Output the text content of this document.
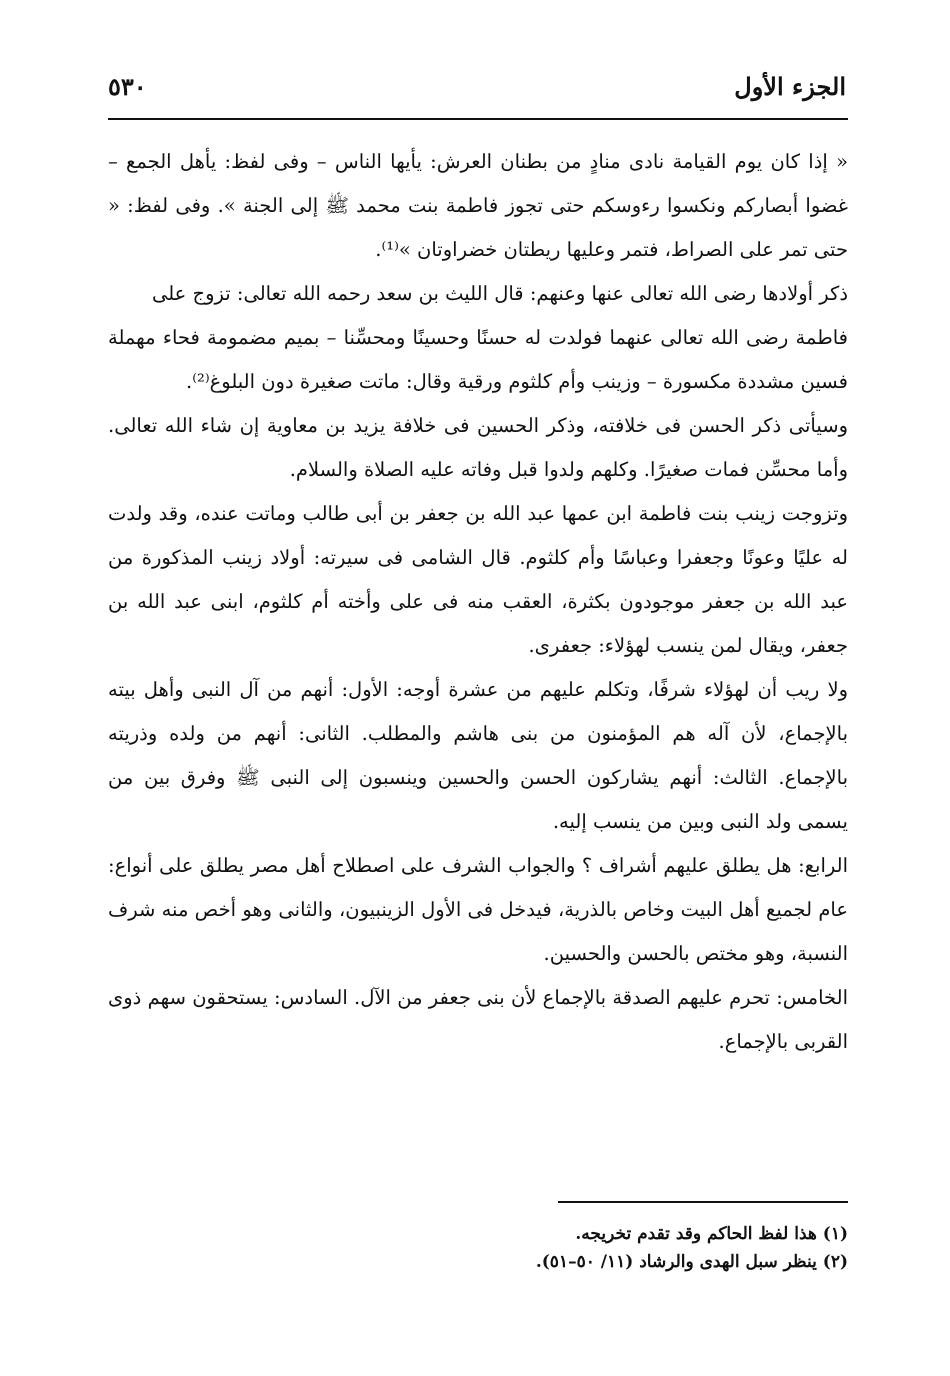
الجزء الأول
٥٣٠

« إذا كان يوم القيامة نادى منادٍ من بطنان العرش: يأيها الناس – وفى لفظ: يأهل الجمع – غضوا أبصاركم ونكسوا رءوسكم حتى تجوز فاطمة بنت محمد ﷺ إلى الجنة ». وفى لفظ: « حتى تمر على الصراط، فتمر وعليها ريطتان خضراوتان »⁽¹⁾.

ذكر أولادها رضى الله تعالى عنها وعنهم: قال الليث بن سعد رحمه الله تعالى: تزوج على

فاطمة رضى الله تعالى عنهما فولدت له حسنًا وحسينًا ومحسِّنا – بميم مضمومة فحاء مهملة فسين مشددة مكسورة – وزينب وأم كلثوم ورقية وقال: ماتت صغيرة دون البلوغ⁽²⁾.

وسيأتى ذكر الحسن فى خلافته، وذكر الحسين فى خلافة يزيد بن معاوية إن شاء الله تعالى. وأما محسِّن فمات صغيرًا. وكلهم ولدوا قبل وفاته عليه الصلاة والسلام.

وتزوجت زينب بنت فاطمة ابن عمها عبد الله بن جعفر بن أبى طالب وماتت عنده، وقد ولدت له عليًا وعونًا وجعفرا وعباسًا وأم كلثوم. قال الشامى فى سيرته: أولاد زينب المذكورة من عبد الله بن جعفر موجودون بكثرة، العقب منه فى على وأخته أم كلثوم، ابنى عبد الله بن جعفر، ويقال لمن ينسب لهؤلاء: جعفرى.

ولا ريب أن لهؤلاء شرفًا، وتكلم عليهم من عشرة أوجه: الأول: أنهم من آل النبى وأهل بيته بالإجماع، لأن آله هم المؤمنون من بنى هاشم والمطلب. الثانى: أنهم من ولده وذريته بالإجماع. الثالث: أنهم يشاركون الحسن والحسين وينسبون إلى النبى ﷺ وفرق بين من يسمى ولد النبى وبين من ينسب إليه.

الرابع: هل يطلق عليهم أشراف ؟ والجواب الشرف على اصطلاح أهل مصر يطلق على أنواع: عام لجميع أهل البيت وخاص بالذرية، فيدخل فى الأول الزينبيون، والثانى وهو أخص منه شرف النسبة، وهو مختص بالحسن والحسين.

الخامس: تحرم عليهم الصدقة بالإجماع لأن بنى جعفر من الآل. السادس: يستحقون سهم ذوى القربى بالإجماع.

(١) هذا لفظ الحاكم وقد تقدم تخريجه.

(٢) ينظر سبل الهدى والرشاد (١١/ ٥٠–٥١).
